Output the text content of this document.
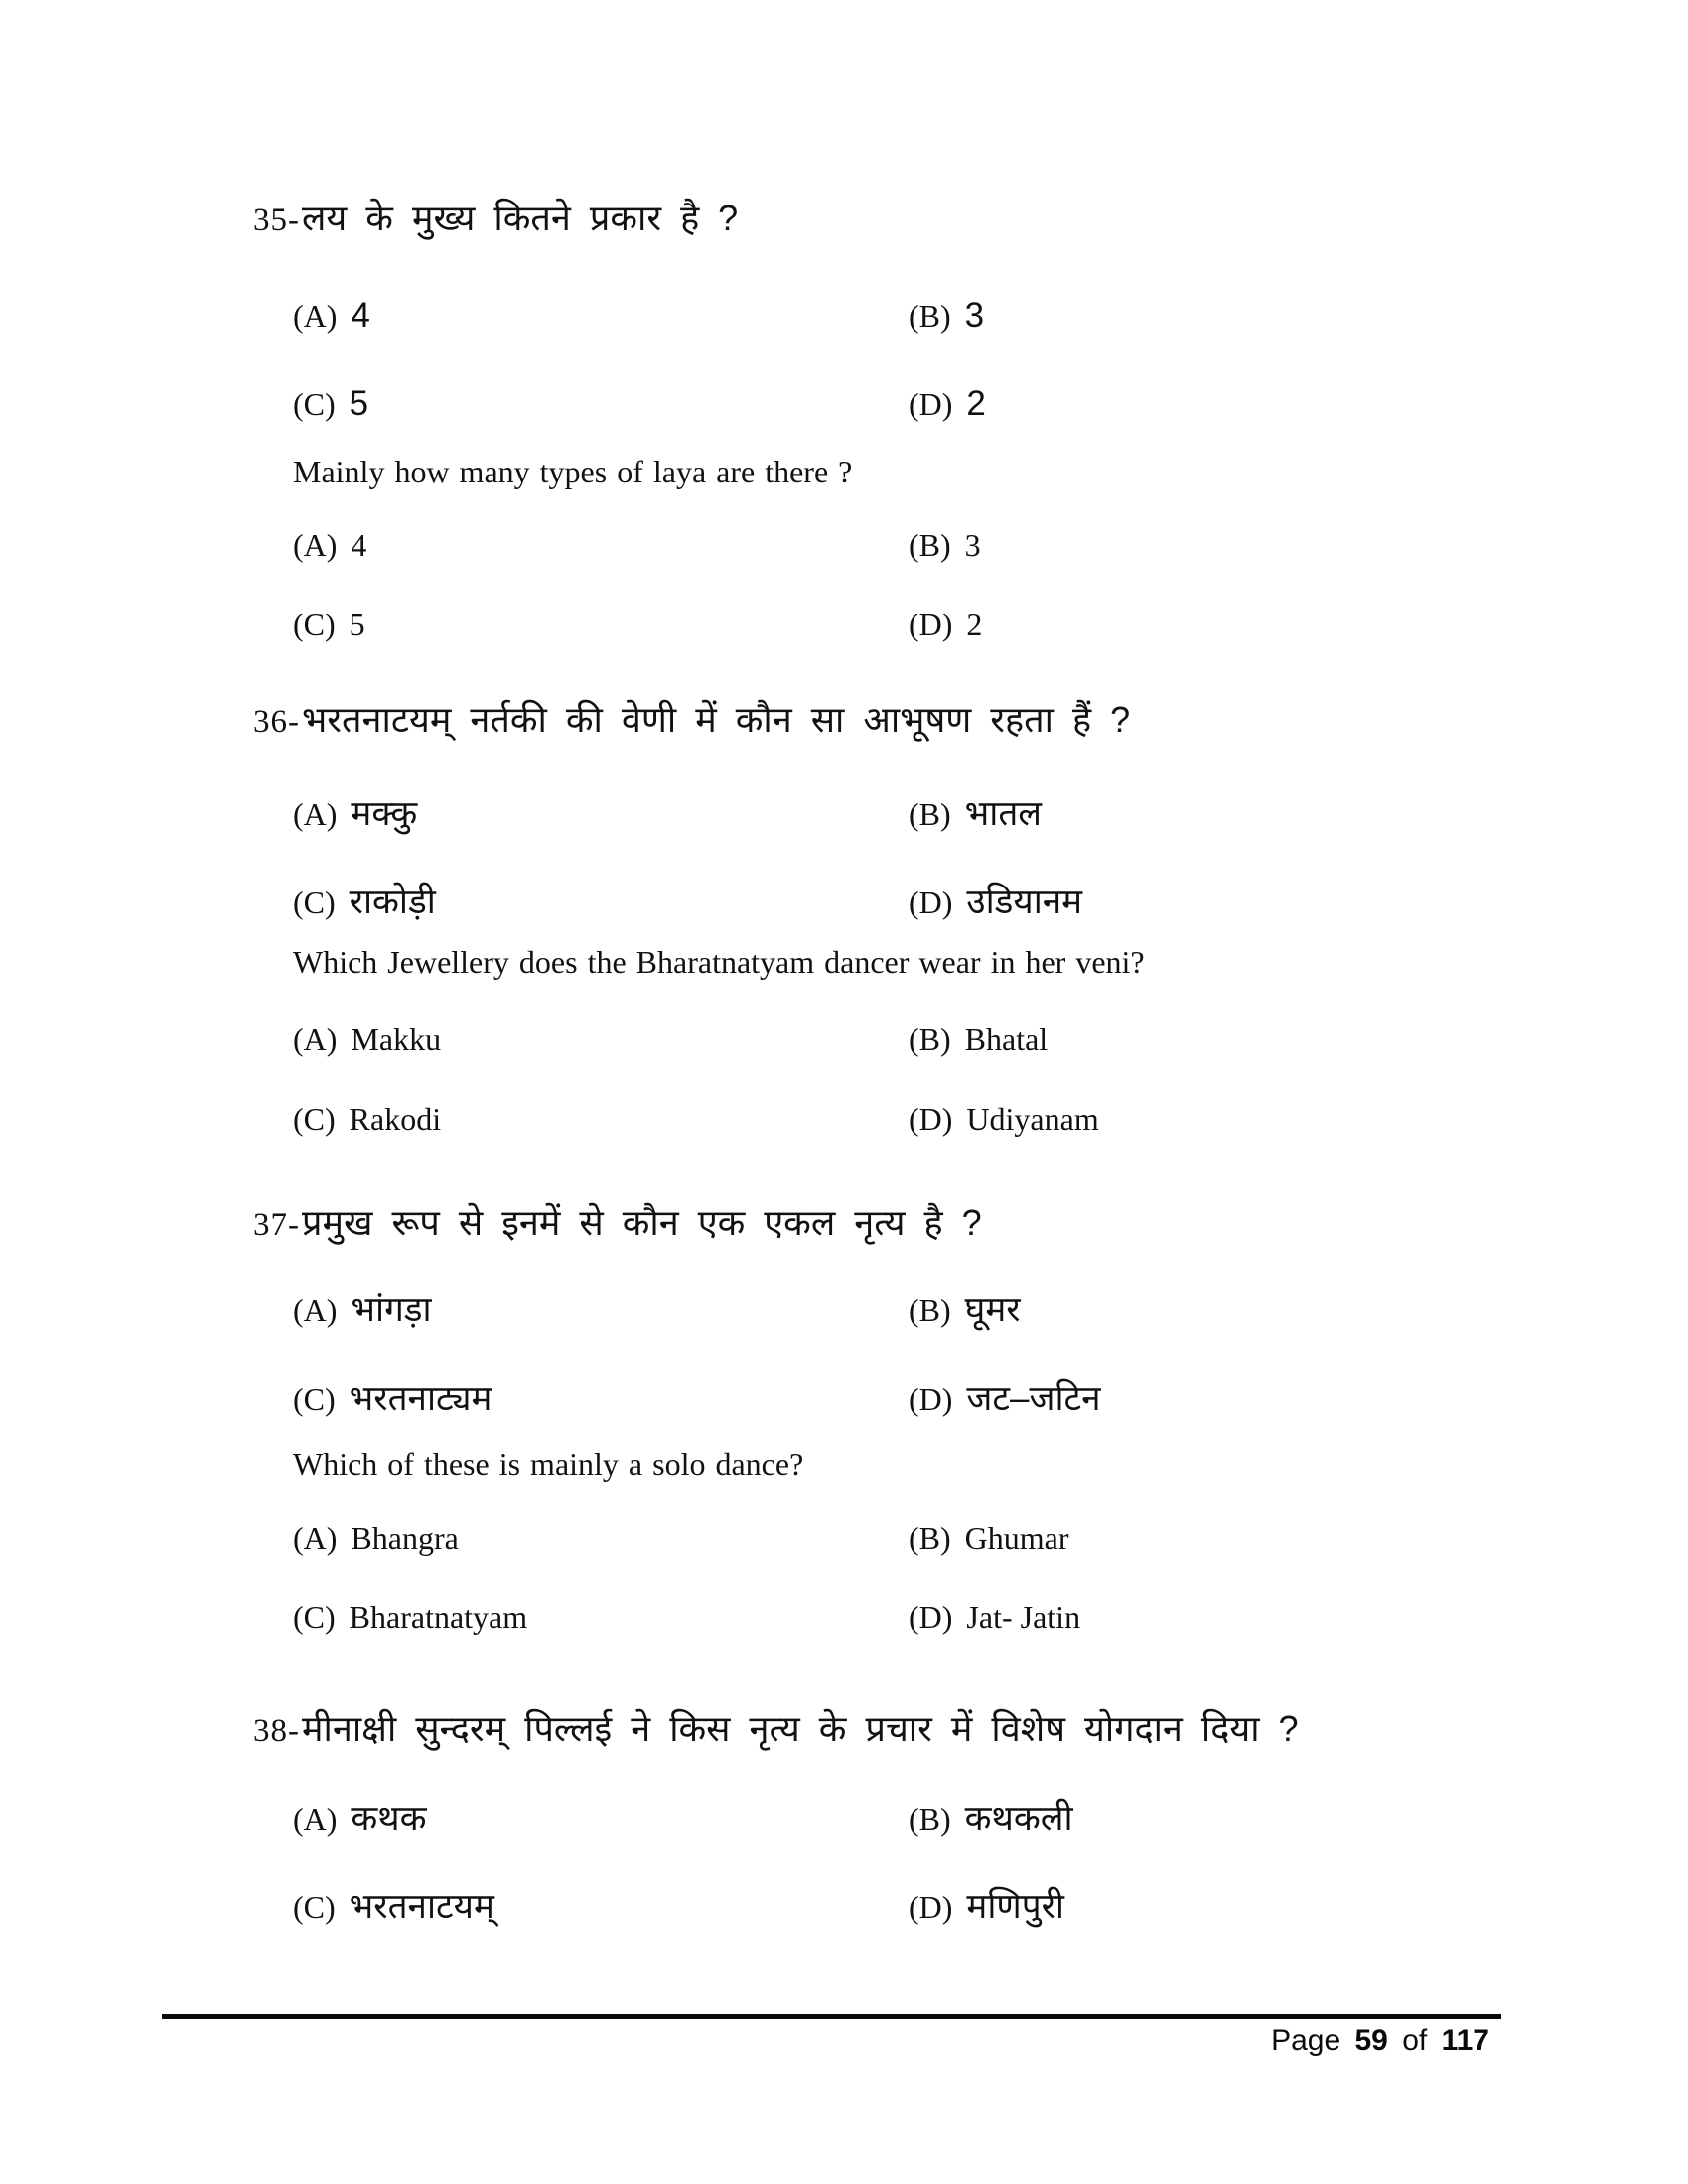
35-लय के मुख्य कितने प्रकार है ?
(A) 4	(B) 3
(C) 5	(D) 2

Mainly how many types of laya are there ?

(A) 4	(B) 3
(C) 5	(D) 2
36-भरतनाटयम् नर्तकी की वेणी में कौन सा आभूषण रहता हैं ?
(A) मक्कु	(B) भातल
(C) राकोड़ी	(D) उडियानम

Which Jewellery does the Bharatnatyam dancer wear in her veni?

(A) Makku	(B) Bhatal
(C) Rakodi	(D) Udiyanam
37-प्रमुख रूप से इनमें से कौन एक एकल नृत्य है ?
(A) भांगड़ा	(B) घूमर
(C) भरतनाट्यम	(D) जट–जटिन

Which of these is mainly a solo dance?

(A) Bhangra	(B) Ghumar
(C) Bharatnatyam	(D) Jat- Jatin
38-मीनाक्षी सुन्दरम् पिल्लई ने किस नृत्य के प्रचार में विशेष योगदान दिया ?
(A) कथक	(B) कथकली
(C) भरतनाटयम्	(D) मणिपुरी
Page 59 of 117
